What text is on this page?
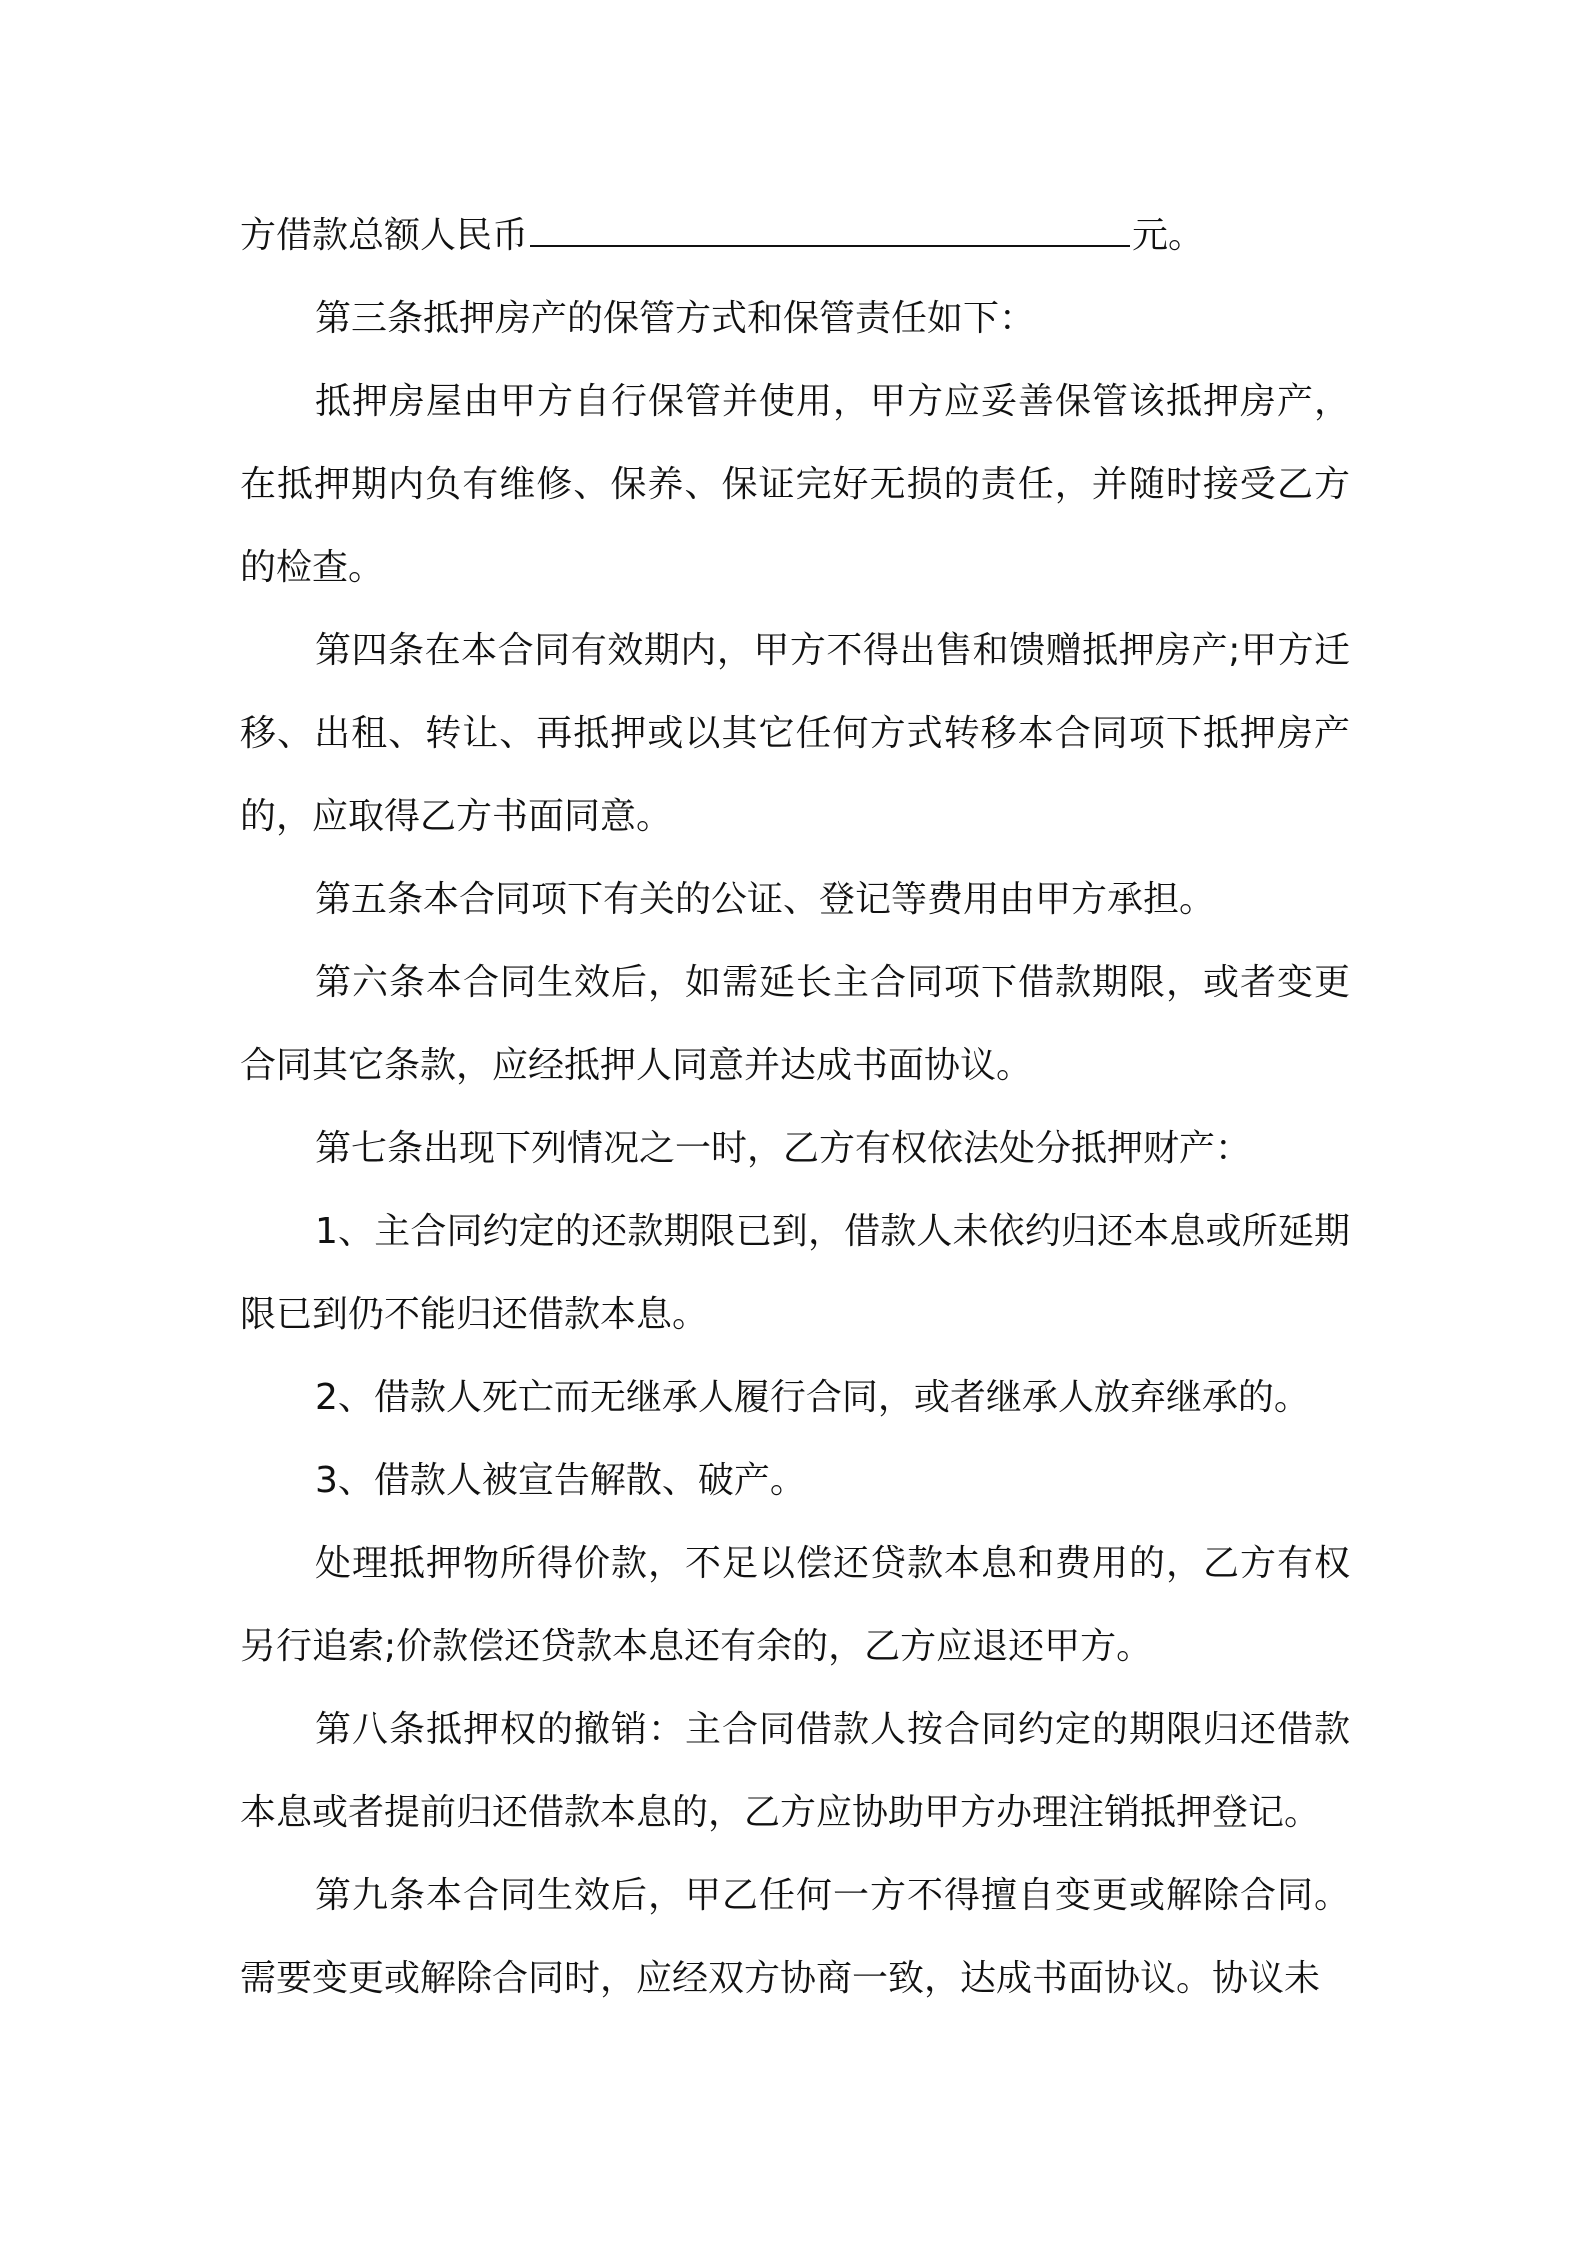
方借款总额人民币	元。

第三条抵押房产的保管方式和保管责任如下：

抵押房屋由甲方自行保管并使用，甲方应妥善保管该抵押房产，在抵押期内负有维修、保养、保证完好无损的责任，并随时接受乙方的检查。

第四条在本合同有效期内，甲方不得出售和馈赠抵押房产;甲方迁移、出租、转让、再抵押或以其它任何方式转移本合同项下抵押房产的，应取得乙方书面同意。

第五条本合同项下有关的公证、登记等费用由甲方承担。

第六条本合同生效后，如需延长主合同项下借款期限，或者变更合同其它条款，应经抵押人同意并达成书面协议。

第七条出现下列情况之一时，乙方有权依法处分抵押财产：

1、主合同约定的还款期限已到，借款人未依约归还本息或所延期限已到仍不能归还借款本息。

2、借款人死亡而无继承人履行合同，或者继承人放弃继承的。

3、借款人被宣告解散、破产。

处理抵押物所得价款，不足以偿还贷款本息和费用的，乙方有权另行追索;价款偿还贷款本息还有余的，乙方应退还甲方。

第八条抵押权的撤销：主合同借款人按合同约定的期限归还借款本息或者提前归还借款本息的，乙方应协助甲方办理注销抵押登记。

第九条本合同生效后，甲乙任何一方不得擅自变更或解除合同。需要变更或解除合同时，应经双方协商一致，达成书面协议。协议未
